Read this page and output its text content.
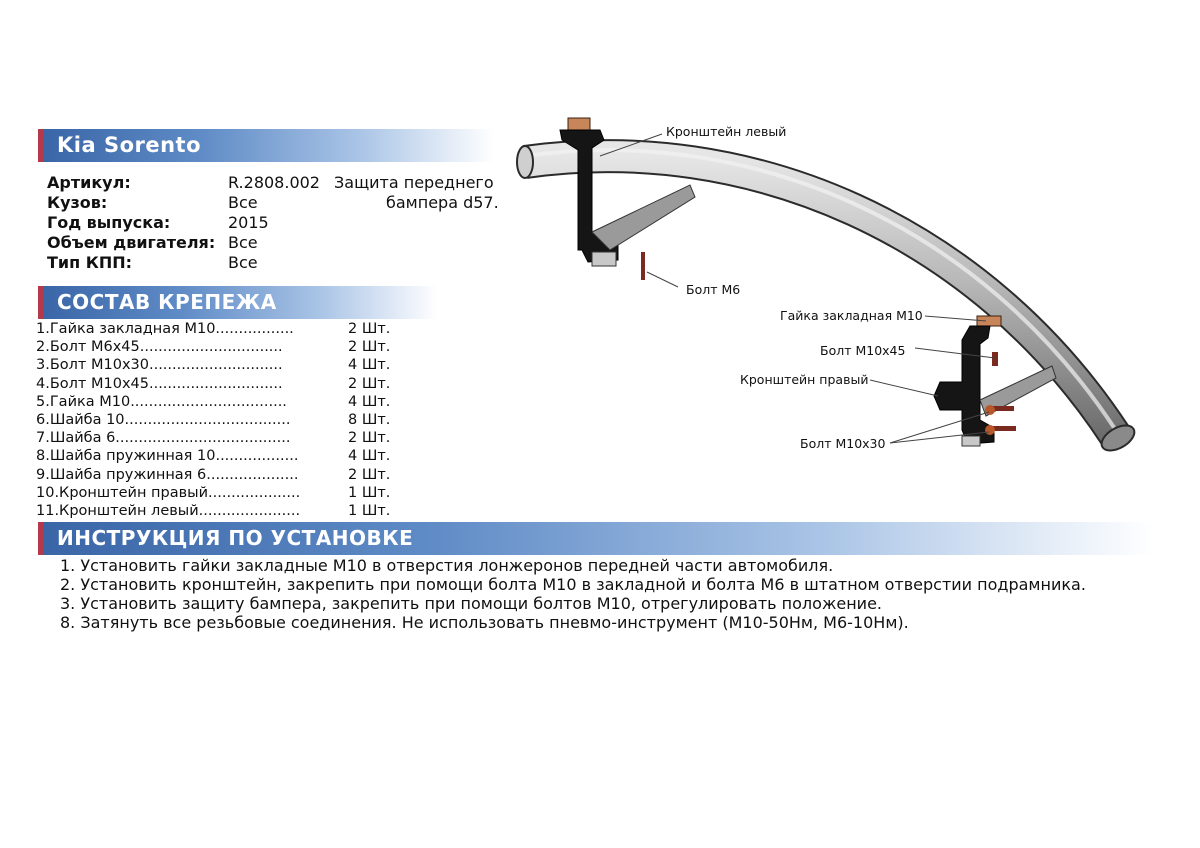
Kia Sorento
Артикул:	R.2808.002 Защита переднего
бампера d57.
Кузов:	Все
Год выпуска:	2015
Объем двигателя: Все
Тип КПП:	Все
СОСТАВ КРЕПЕЖА
1.Гайка закладная М10.................	2 Шт.
2.Болт М6х45...............................	2 Шт.
3.Болт М10х30.............................	4 Шт.
4.Болт М10х45.............................	2 Шт.
5.Гайка М10..................................	4 Шт.
6.Шайба 10....................................	8 Шт.
7.Шайба 6......................................	2 Шт.
8.Шайба пружинная 10..................	4 Шт.
9.Шайба пружинная 6....................	2 Шт.
10.Кронштейн правый....................	1 Шт.
11.Кронштейн левый......................	1 Шт.
ИНСТРУКЦИЯ ПО УСТАНОВКЕ

1. Установить гайки закладные М10 в отверстия лонжеронов передней части автомобиля.

2. Установить кронштейн, закрепить при помощи болта М10 в закладной и болта М6 в штатном отверстии подрамника.

3. Установить защиту бампера, закрепить при помощи болтов М10, отрегулировать положение.

8. Затянуть все резьбовые соединения. Не использовать пневмо-инструмент (М10-50Нм, М6-10Нм).

Кронштейн левый
Болт М6
Гайка закладная М10
Болт М10х45
Кронштейн правый
Болт М10х30
